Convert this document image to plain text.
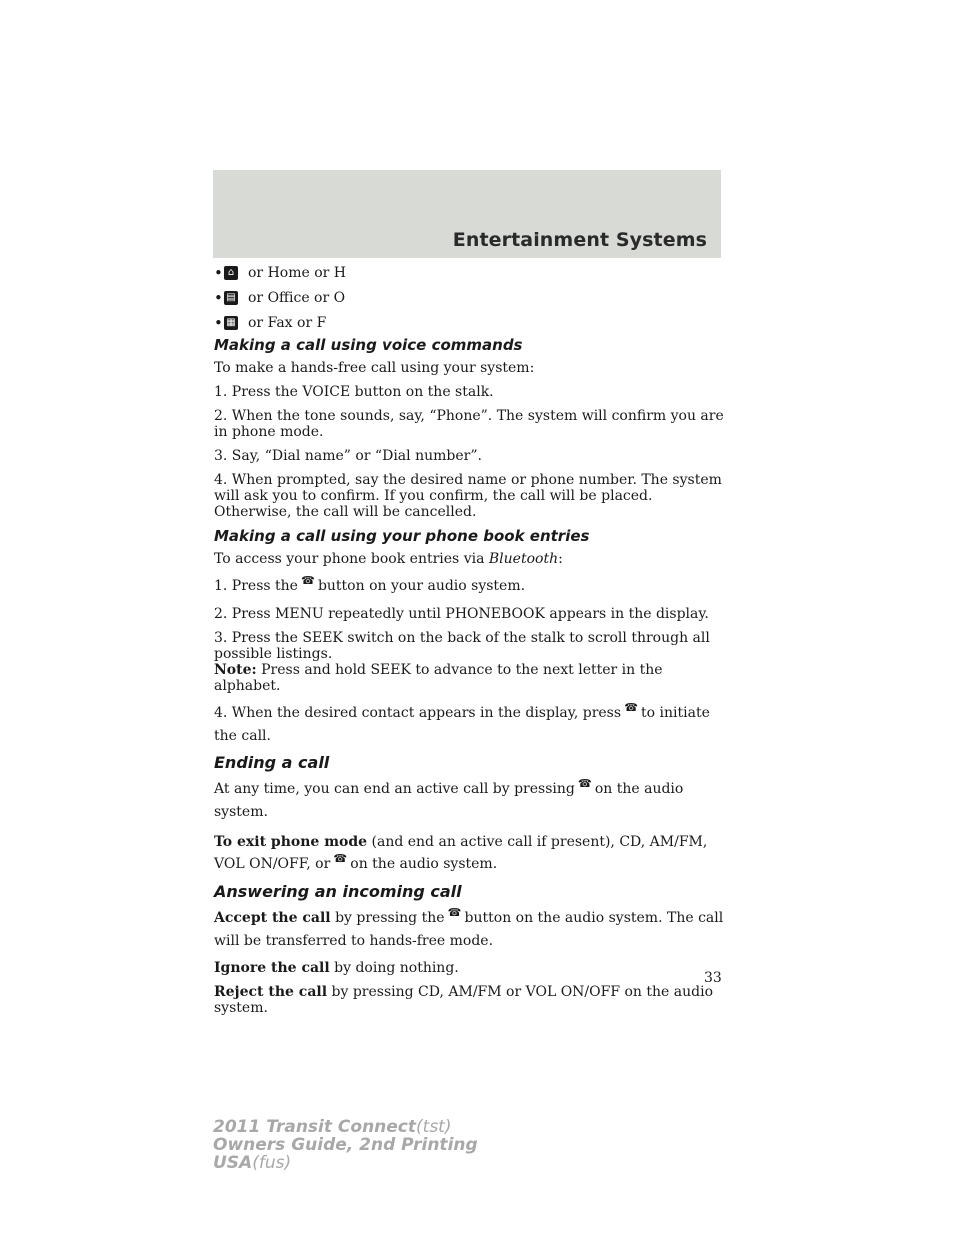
Entertainment Systems
• ⌂ or Home or H
• ▤ or Office or O
• ▦ or Fax or F
Making a call using voice commands

To make a hands-free call using your system:

1. Press the VOICE button on the stalk.

2. When the tone sounds, say, “Phone”. The system will confirm you are in phone mode.

3. Say, “Dial name” or “Dial number”.

4. When prompted, say the desired name or phone number. The system will ask you to confirm. If you confirm, the call will be placed. Otherwise, the call will be cancelled.

Making a call using your phone book entries

To access your phone book entries via Bluetooth:

1. Press the ☎ button on your audio system.

2. Press MENU repeatedly until PHONEBOOK appears in the display.

3. Press the SEEK switch on the back of the stalk to scroll through all possible listings.

Note: Press and hold SEEK to advance to the next letter in the alphabet.

4. When the desired contact appears in the display, press ☎ to initiate the call.

Ending a call

At any time, you can end an active call by pressing ☎ on the audio system.

To exit phone mode (and end an active call if present), CD, AM/FM, VOL ON/OFF, or ☎ on the audio system.

Answering an incoming call

Accept the call by pressing the ☎ button on the audio system. The call will be transferred to hands-free mode.

Ignore the call by doing nothing.

Reject the call by pressing CD, AM/FM or VOL ON/OFF on the audio system.

33
2011 Transit Connect(tst)
Owners Guide, 2nd Printing
USA(fus)
